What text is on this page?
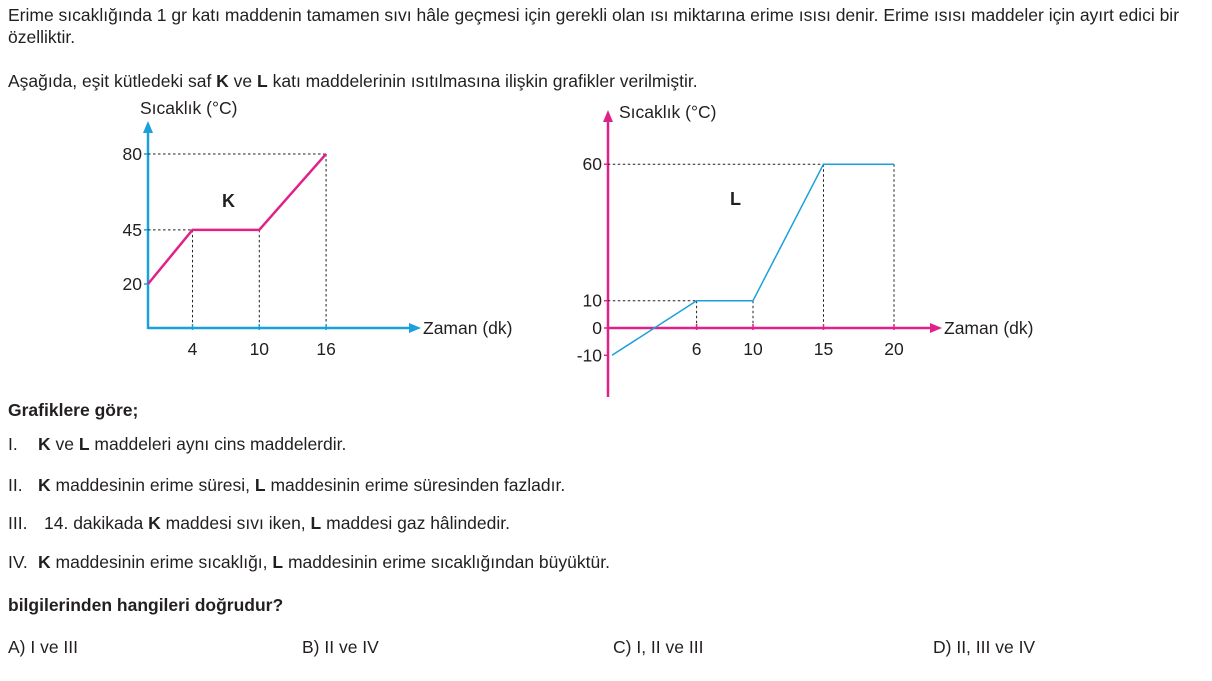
Erime sıcaklığında 1 gr katı maddenin tamamen sıvı hâle geçmesi için gerekli olan ısı miktarına erime ısısı denir. Erime ısısı maddeler için ayırt edici bir özelliktir.
Aşağıda, eşit kütledeki saf K ve L katı maddelerinin ısıtılmasına ilişkin grafikler verilmiştir.
Sıcaklık (°C)
Zaman (dk)
20
45
80
4	10	16
K
Sıcaklık (°C)
Zaman (dk)
60
10
0
-10	6 10	15	20
L
Grafiklere göre;
I. K ve L maddeleri aynı cins maddelerdir.
II. K maddesinin erime süresi, L maddesinin erime süresinden fazladır.
III. 14. dakikada K maddesi sıvı iken, L maddesi gaz hâlindedir.
IV. K maddesinin erime sıcaklığı, L maddesinin erime sıcaklığından büyüktür.
bilgilerinden hangileri doğrudur?
A) I ve III	B) II ve IV	C) I, II ve III	D) II, III ve IV
